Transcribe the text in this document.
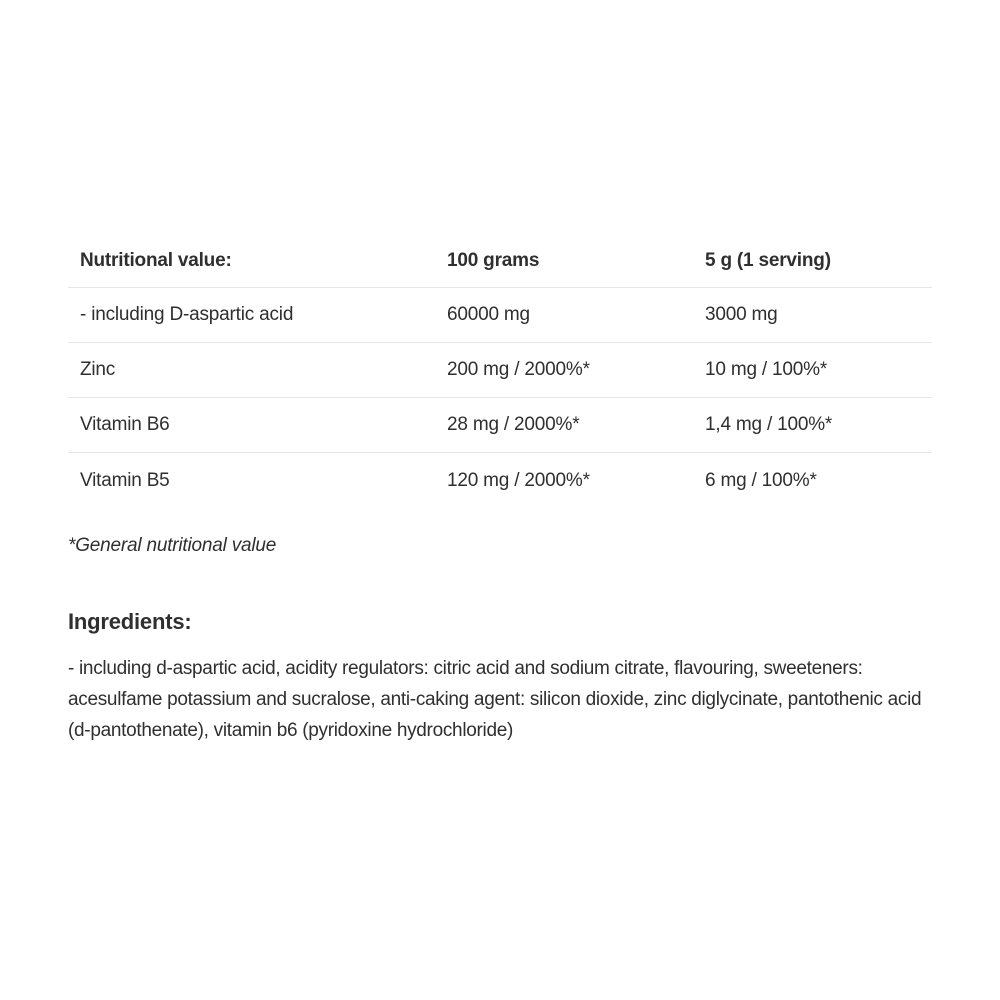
Nutritional value:	100 grams	5 g (1 serving)
- including D-aspartic acid	60000 mg	3000 mg
Zinc	200 mg / 2000%*	10 mg / 100%*
Vitamin B6	28 mg / 2000%*	1,4 mg / 100%*
Vitamin B5	120 mg / 2000%*	6 mg / 100%*
*General nutritional value
Ingredients:
- including d-aspartic acid, acidity regulators: citric acid and sodium citrate, flavouring, sweeteners: acesulfame potassium and sucralose, anti-caking agent: silicon dioxide, zinc diglycinate, pantothenic acid (d-pantothenate), vitamin b6 (pyridoxine hydrochloride)
